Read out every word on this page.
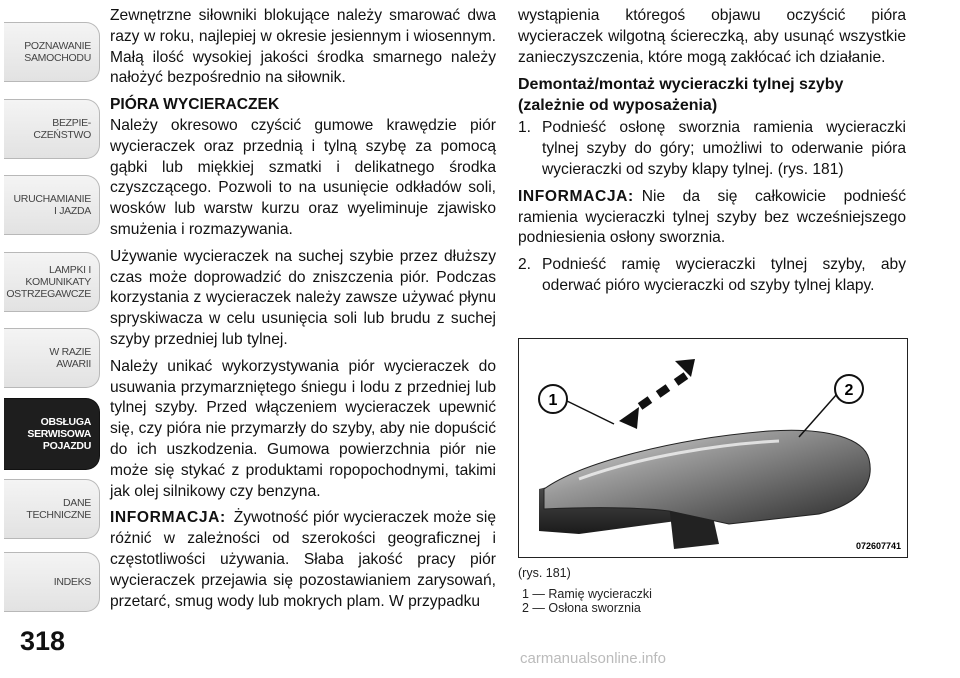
POZNAWANIE
SAMOCHODU
BEZPIE-
CZEŃSTWO
URUCHAMIANIE
I JAZDA
LAMPKI I
KOMUNIKATY
OSTRZEGAWCZE
W RAZIE
AWARII
OBSŁUGA
SERWISOWA
POJAZDU
DANE
TECHNICZNE
INDEKS
318

Zewnętrzne siłowniki blokujące należy smarować dwa razy w roku, najlepiej w okresie jesiennym i wiosennym. Małą ilość wysokiej jakości środka smarnego należy nałożyć bezpośrednio na siłownik.

PIÓRA WYCIERACZEK

Należy okresowo czyścić gumowe krawędzie piór wycieraczek oraz przednią i tylną szybę za pomocą gąbki lub miękkiej szmatki i delikatnego środka czyszczącego. Pozwoli to na usunięcie odkładów soli, wosków lub warstw kurzu oraz wyeliminuje zjawisko smużenia i rozmazywania.

Używanie wycieraczek na suchej szybie przez dłuższy czas może doprowadzić do zniszczenia piór. Podczas korzystania z wycieraczek należy zawsze używać płynu spryskiwacza w celu usunięcia soli lub brudu z suchej szyby przedniej lub tylnej.

Należy unikać wykorzystywania piór wycieraczek do usuwania przymarzniętego śniegu i lodu z przedniej lub tylnej szyby. Przed włączeniem wycieraczek upewnić się, czy pióra nie przymarzły do szyby, aby nie dopuścić do ich uszkodzenia. Gumowa powierzchnia piór nie może się stykać z produktami ropopochodnymi, takimi jak olej silnikowy czy benzyna.

INFORMACJA: Żywotność piór wycieraczek może się różnić w zależności od szerokości geograficznej i częstotliwości używania. Słaba jakość pracy piór wycieraczek przejawia się pozostawianiem zarysowań, przetarć, smug wody lub mokrych plam. W przypadku

wystąpienia któregoś objawu oczyścić pióra wycieraczek wilgotną ściereczką, aby usunąć wszystkie zanieczyszczenia, które mogą zakłócać ich działanie.

Demontaż/montaż wycieraczki tylnej szyby (zależnie od wyposażenia)
1. Podnieść osłonę sworznia ramienia wycieraczki tylnej szyby do góry; umożliwi to oderwanie pióra wycieraczki od szyby klapy tylnej. (rys. 181)

INFORMACJA: Nie da się całkowicie podnieść ramienia wycieraczki tylnej szyby bez wcześniejszego podniesienia osłony sworznia.

2. Podnieść ramię wycieraczki tylnej szyby, aby oderwać pióro wycieraczki od szyby tylnej klapy.
1
2
072607741
(rys. 181)
1 — Ramię wycieraczki
2 — Osłona sworznia
carmanualsonline.info
